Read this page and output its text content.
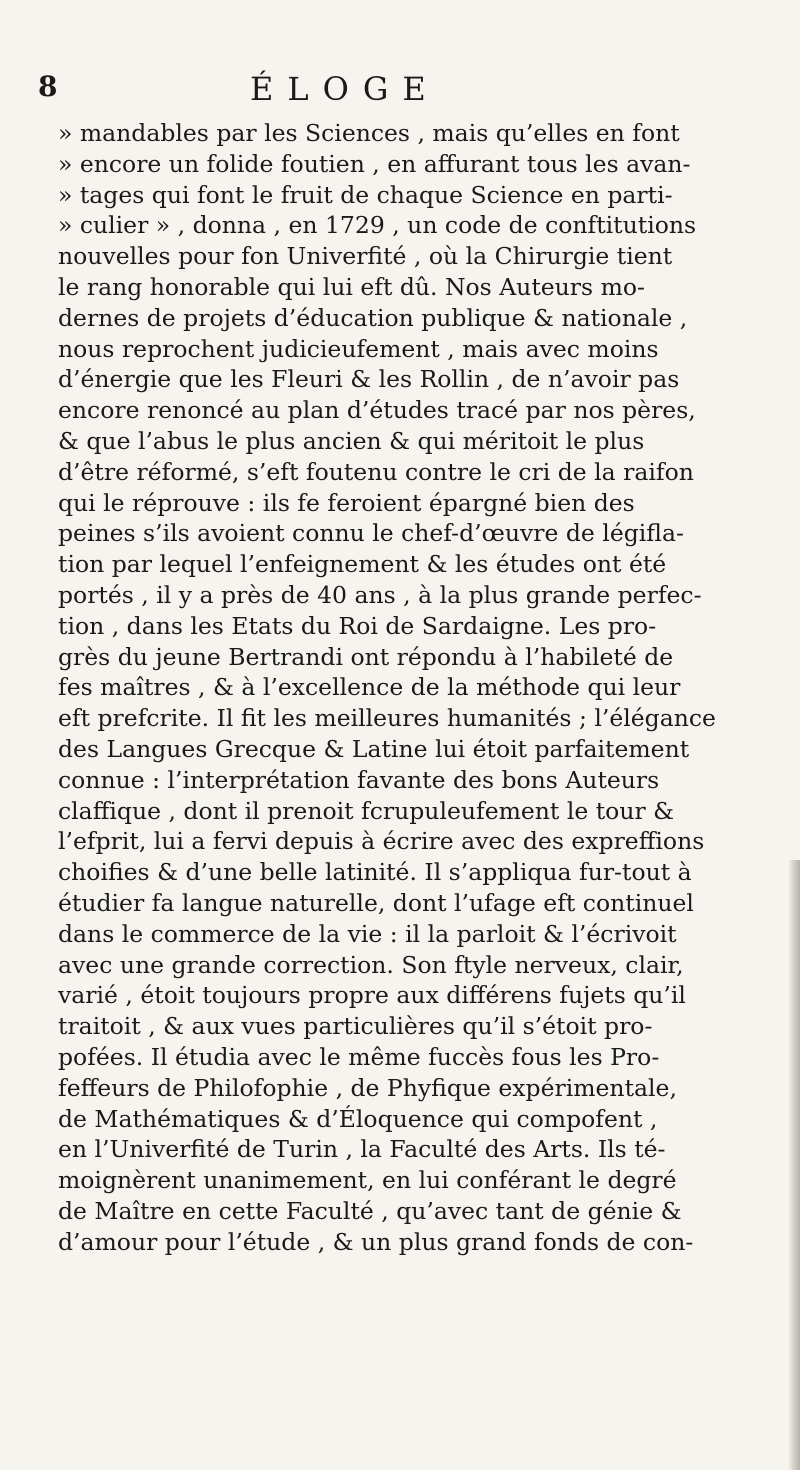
8	ÉLOGE
» mandables par les Sciences , mais qu’elles en font
» encore un folide foutien , en affurant tous les avan-
» tages qui font le fruit de chaque Science en parti-
» culier » , donna , en 1729 , un code de conftitutions
nouvelles pour fon Univerfité , où la Chirurgie tient
le rang honorable qui lui eft dû. Nos Auteurs mo-
dernes de projets d’éducation publique & nationale ,
nous reprochent judicieufement , mais avec moins
d’énergie que les Fleuri & les Rollin , de n’avoir pas
encore renoncé au plan d’études tracé par nos pères,
& que l’abus le plus ancien & qui méritoit le plus
d’être réformé, s’eft foutenu contre le cri de la raifon
qui le réprouve : ils fe feroient épargné bien des
peines s’ils avoient connu le chef-d’œuvre de légifla-
tion par lequel l’enfeignement & les études ont été
portés , il y a près de 40 ans , à la plus grande perfec-
tion , dans les Etats du Roi de Sardaigne. Les pro-
grès du jeune Bertrandi ont répondu à l’habileté de
fes maîtres , & à l’excellence de la méthode qui leur
eft prefcrite. Il fit les meilleures humanités ; l’élégance
des Langues Grecque & Latine lui étoit parfaitement
connue : l’interprétation favante des bons Auteurs
claffique , dont il prenoit fcrupuleufement le tour &
l’efprit, lui a fervi depuis à écrire avec des expreffions
choifies & d’une belle latinité. Il s’appliqua fur-tout à
étudier fa langue naturelle, dont l’ufage eft continuel
dans le commerce de la vie : il la parloit & l’écrivoit
avec une grande correction. Son ftyle nerveux, clair,
varié , étoit toujours propre aux différens fujets qu’il
traitoit , & aux vues particulières qu’il s’étoit pro-
pofées. Il étudia avec le même fuccès fous les Pro-
feffeurs de Philofophie , de Phyfique expérimentale,
de Mathématiques & d’Éloquence qui compofent ,
en l’Univerfité de Turin , la Faculté des Arts. Ils té-
moignèrent unanimement, en lui conférant le degré
de Maître en cette Faculté , qu’avec tant de génie &
d’amour pour l’étude , & un plus grand fonds de con-
